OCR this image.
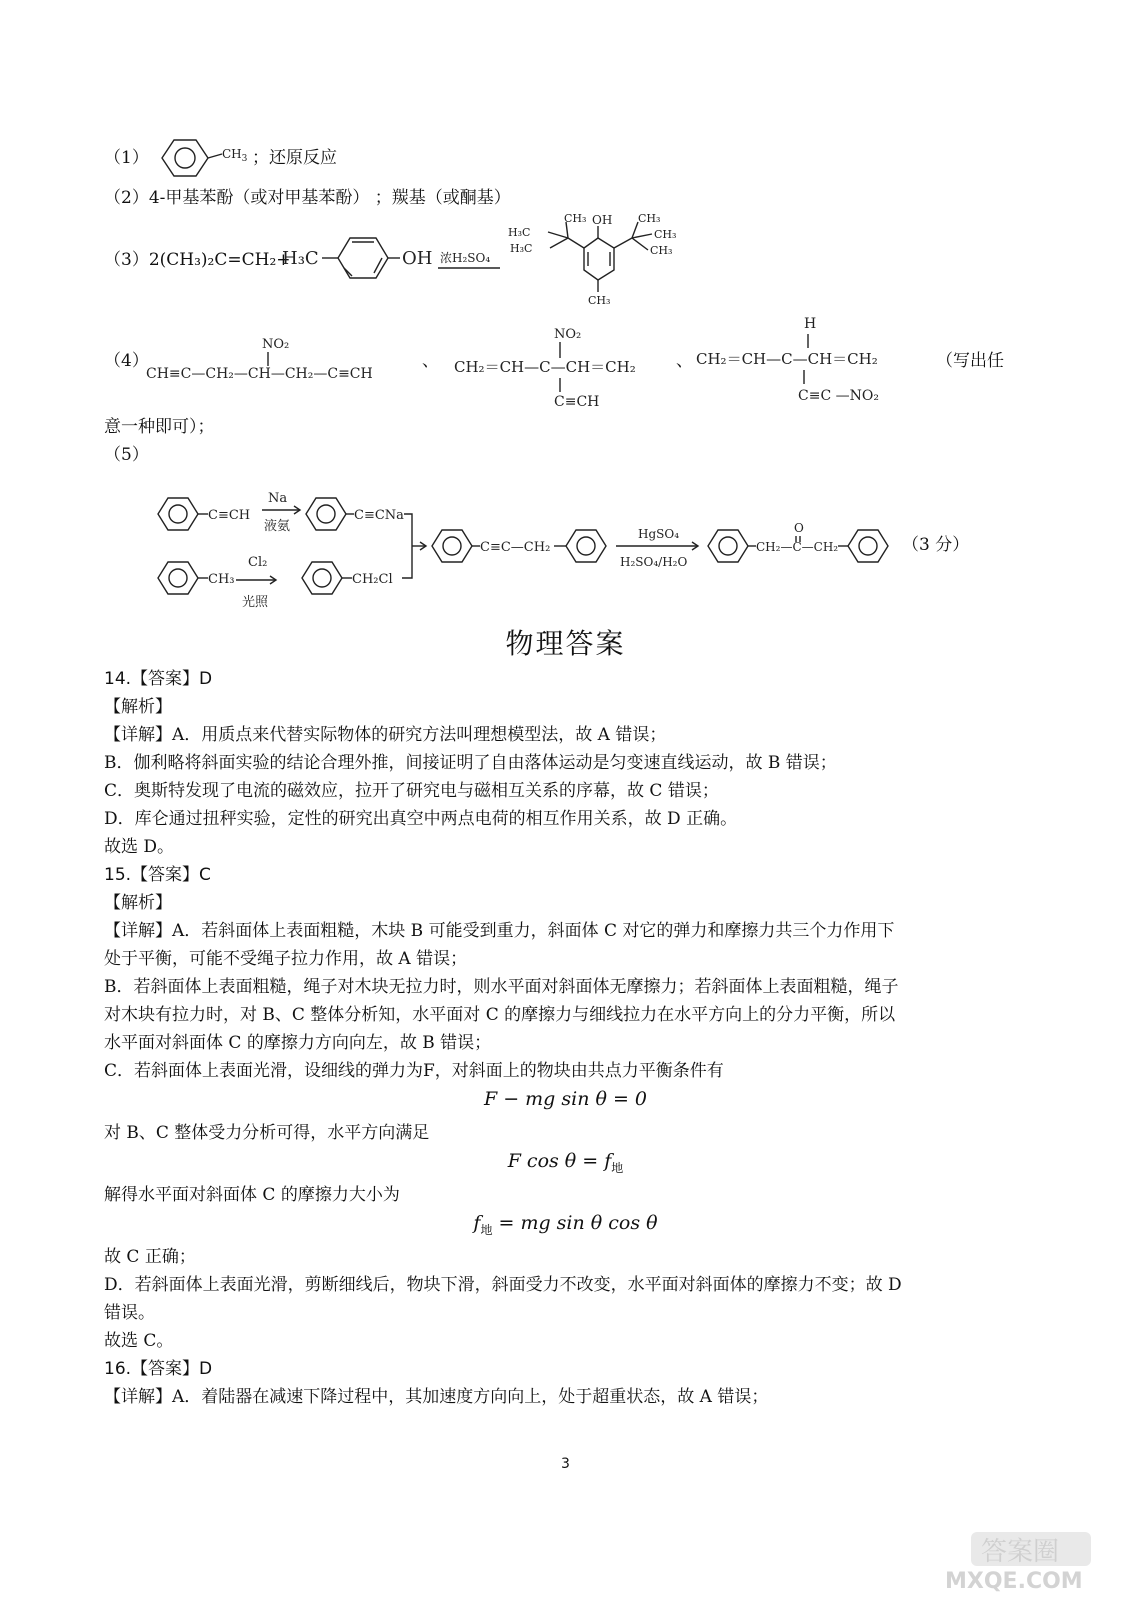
（1）	$CH_3$ ；还原反应
（2）4-甲基苯酚（或对甲基苯酚） ；羰基（或酮基）
（3）2(CH₃)₂C=CH₂+
H₃C	OH 浓H₂SO₄
OH
CH₃
H₃C
H₃C
CH₃
CH₃
CH₃
CH₃
（4）
NO₂
CH≡C—CH₂—CH—CH₂—C≡CH
、
NO₂
CH₂＝CH—C—CH＝CH₂
C≡CH
、
H
CH₂＝CH—C—CH＝CH₂
C≡C —NO₂
（写出任
意一种即可）；
（5）
C≡CH
Na
液氨
C≡CNa
CH₃
Cl₂
光照
CH₂Cl
C≡C—CH₂
HgSO₄
H₂SO₄/H₂O
O
CH₂—C—CH₂	（3 分）
物理答案
14.【答案】D
【解析】
【详解】A．用质点来代替实际物体的研究方法叫理想模型法，故 A 错误；
B．伽利略将斜面实验的结论合理外推，间接证明了自由落体运动是匀变速直线运动，故 B 错误；
C．奥斯特发现了电流的磁效应，拉开了研究电与磁相互关系的序幕，故 C 错误；
D．库仑通过扭秤实验，定性的研究出真空中两点电荷的相互作用关系，故 D 正确。
故选 D。
15.【答案】C
【解析】
【详解】A．若斜面体上表面粗糙，木块 B 可能受到重力，斜面体 C 对它的弹力和摩擦力共三个力作用下
处于平衡，可能不受绳子拉力作用，故 A 错误；
B．若斜面体上表面粗糙，绳子对木块无拉力时，则水平面对斜面体无摩擦力；若斜面体上表面粗糙，绳子
对木块有拉力时，对 B、C 整体分析知，水平面对 C 的摩擦力与细线拉力在水平方向上的分力平衡，所以
水平面对斜面体 C 的摩擦力方向向左，故 B 错误；
C．若斜面体上表面光滑，设细线的弹力为F，对斜面上的物块由共点力平衡条件有
F − mg sin θ = 0
对 B、C 整体受力分析可得，水平方向满足
F $\cos \theta = f_地$
解得水平面对斜面体 C 的摩擦力大小为
$f_地$ = mg sin θ cos θ
故 C 正确；
D．若斜面体上表面光滑，剪断细线后，物块下滑，斜面受力不改变，水平面对斜面体的摩擦力不变；故 D
错误。
故选 C。
16.【答案】D
【详解】A．着陆器在减速下降过程中，其加速度方向向上，处于超重状态，故 A 错误；
3
答案圈
MXQE.COM
